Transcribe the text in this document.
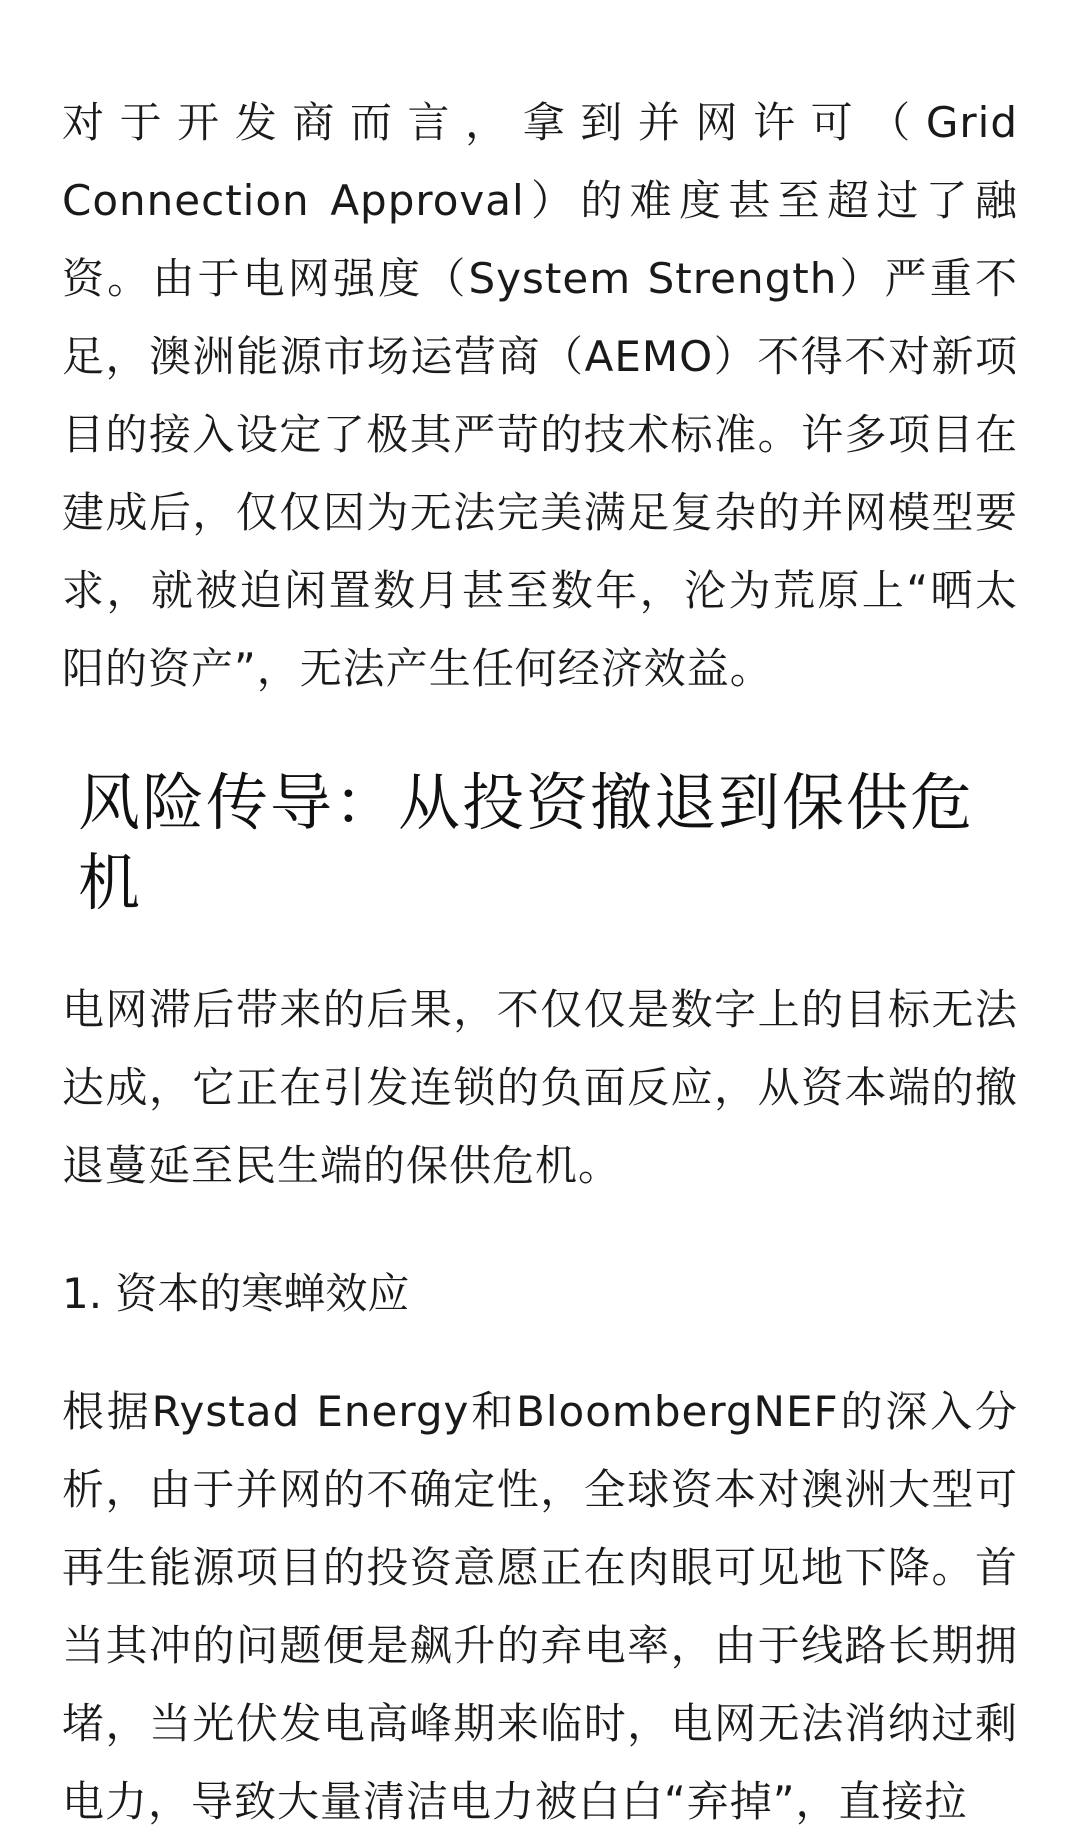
对于开发商而言，拿到并网许可（Grid Connection Approval）的难度甚至超过了融资。由于电网强度（System Strength）严重不足，澳洲能源市场运营商（AEMO）不得不对新项目的接入设定了极其严苛的技术标准。许多项目在建成后，仅仅因为无法完美满足复杂的并网模型要求，就被迫闲置数月甚至数年，沦为荒原上“晒太阳的资产”，无法产生任何经济效益。

风险传导：从投资撤退到保供危机

电网滞后带来的后果，不仅仅是数字上的目标无法达成，它正在引发连锁的负面反应，从资本端的撤退蔓延至民生端的保供危机。

1. 资本的寒蝉效应

根据Rystad Energy和BloombergNEF的深入分析，由于并网的不确定性，全球资本对澳洲大型可再生能源项目的投资意愿正在肉眼可见地下降。首当其冲的问题便是飙升的弃电率，由于线路长期拥堵，当光伏发电高峰期来临时，电网无法消纳过剩电力，导致大量清洁电力被白白“弃掉”，直接拉
